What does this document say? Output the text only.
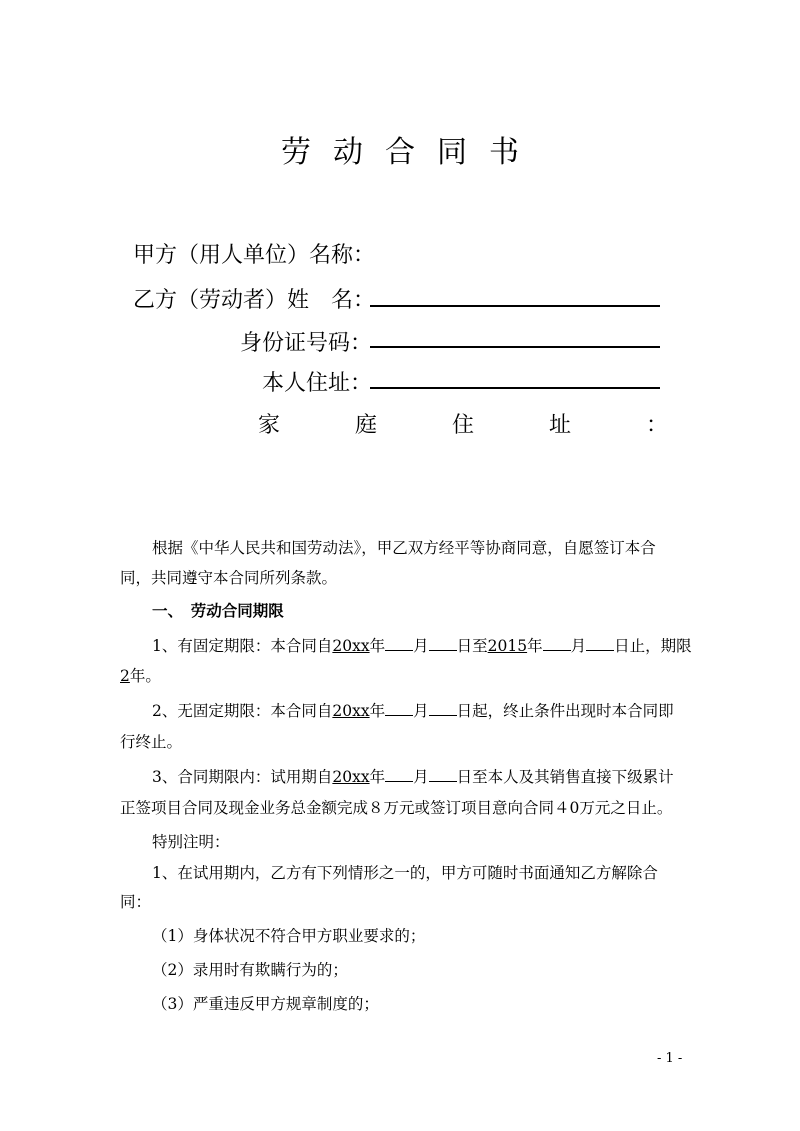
劳动合同书
甲方（用人单位）名称：
乙方（劳动者）姓　名：
身份证号码：
本人住址：
家	庭	住	址	：

根据《中华人民共和国劳动法》，甲乙双方经平等协商同意，自愿签订本合

同，共同遵守本合同所列条款。

一、　劳动合同期限

1、有固定期限：本合同自20xx年 月 日至2015年 月 日止，期限

2年。

2、无固定期限：本合同自20xx年 月 日起，终止条件出现时本合同即

行终止。

3、合同期限内：试用期自20xx年 月 日至本人及其销售直接下级累计

正签项目合同及现金业务总金额完成８万元或签订项目意向合同４0万元之日止。

特别注明：

1、在试用期内，乙方有下列情形之一的，甲方可随时书面通知乙方解除合

同：

（1）身体状况不符合甲方职业要求的；

（2）录用时有欺瞒行为的；

（3）严重违反甲方规章制度的；

- 1 -
